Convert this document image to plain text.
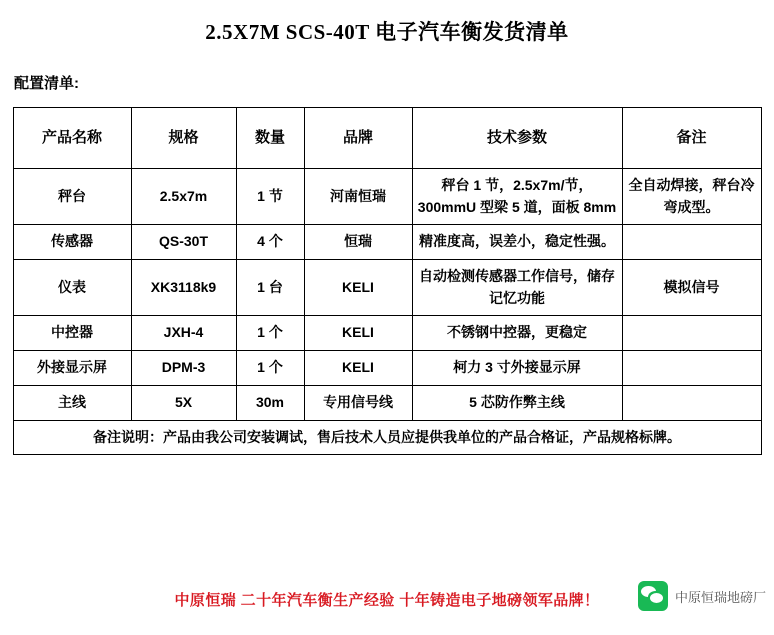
2.5X7M SCS-40T 电子汽车衡发货清单
配置清单:
产品名称	规格	数量	品牌	技术参数	备注
秤台	2.5x7m	1 节	河南恒瑞	秤台 1 节，2.5x7m/节，300mmU 型梁 5 道，面板 8mm	全自动焊接，秤台冷弯成型。
传感器	QS-30T	4 个	恒瑞	精准度高，误差小，稳定性强。	
仪表	XK3118k9	1 台	KELI	自动检测传感器工作信号，储存记忆功能	模拟信号
中控器	JXH-4	1 个	KELI	不锈钢中控器，更稳定	
外接显示屏	DPM-3	1 个	KELI	柯力 3 寸外接显示屏	
主线	5X	30m	专用信号线	5 芯防作弊主线	
备注说明：产品由我公司安装调试，售后技术人员应提供我单位的产品合格证，产品规格标牌。					
中原恒瑞 二十年汽车衡生产经验 十年铸造电子地磅领军品牌！	中原恒瑞地磅厂
